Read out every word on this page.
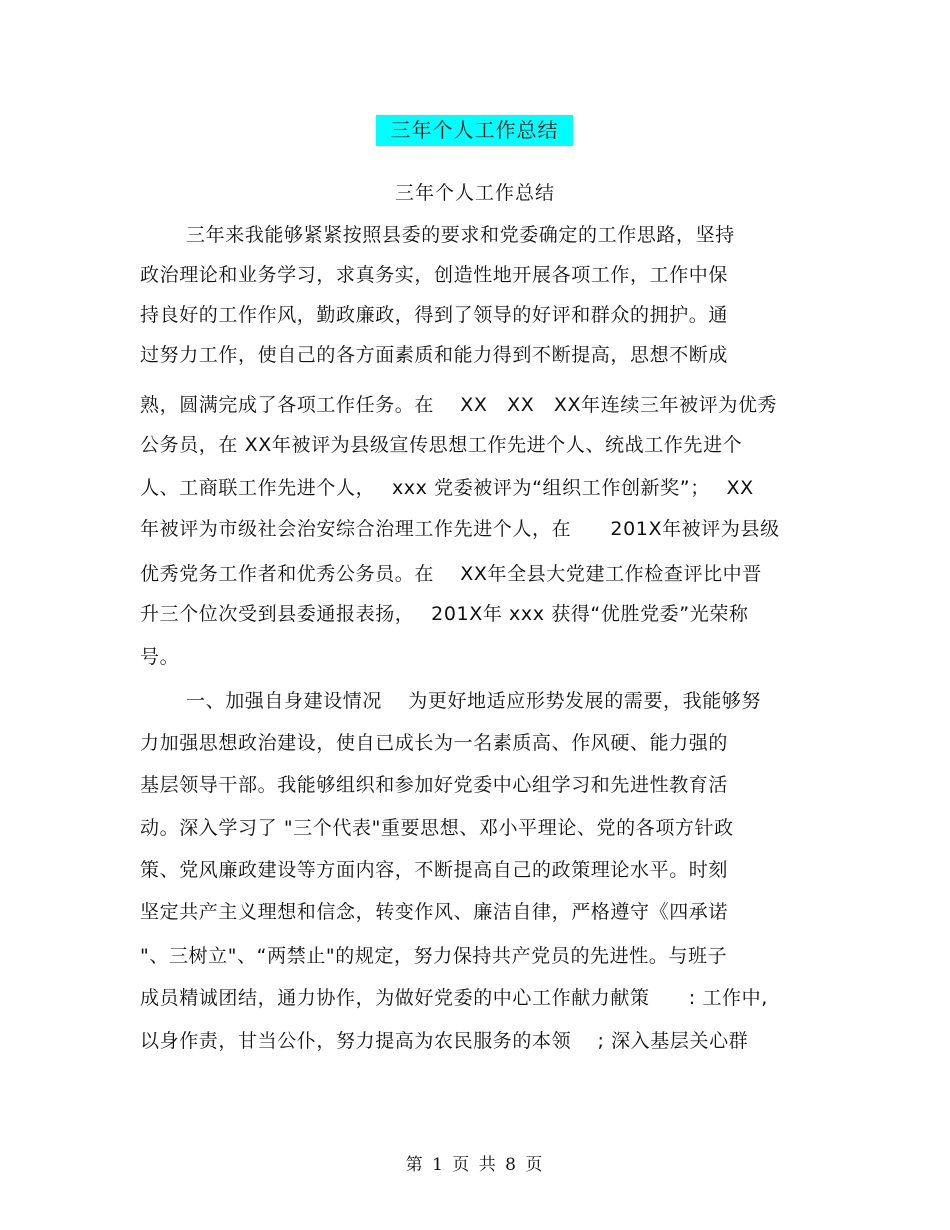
三年个人工作总结
三年个人工作总结
三年来我能够紧紧按照县委的要求和党委确定的工作思路，坚持
政治理论和业务学习，求真务实，创造性地开展各项工作，工作中保
持良好的工作作风，勤政廉政，得到了领导的好评和群众的拥护。通
过努力工作，使自己的各方面素质和能力得到不断提高，思想不断成
熟，圆满完成了各项工作任务。在　 XX　XX　XX年连续三年被评为优秀
公务员，在 XX年被评为县级宣传思想工作先进个人、统战工作先进个
人、工商联工作先进个人，　 xxx 党委被评为“组织工作创新奖”；　 XX
年被评为市级社会治安综合治理工作先进个人，在　　201X年被评为县级
优秀党务工作者和优秀公务员。在　 XX年全县大党建工作检查评比中晋
升三个位次受到县委通报表扬，　 201X年 xxx 获得“优胜党委”光荣称
号。
一、加强自身建设情况　 为更好地适应形势发展的需要，我能够努
力加强思想政治建设，使自已成长为一名素质高、作风硬、能力强的
基层领导干部。我能够组织和参加好党委中心组学习和先进性教育活
动。深入学习了 "三个代表"重要思想、邓小平理论、党的各项方针政
策、党风廉政建设等方面内容，不断提高自己的政策理论水平。时刻
坚定共产主义理想和信念，转变作风、廉洁自律，严格遵守《四承诺
"、三树立"、“两禁止"的规定，努力保持共产党员的先进性。与班子
成员精诚团结，通力协作，为做好党委的中心工作献力献策　　: 工作中,
以身作责，甘当公仆，努力提高为农民服务的本领　 ; 深入基层关心群
第 1 页 共 8 页
